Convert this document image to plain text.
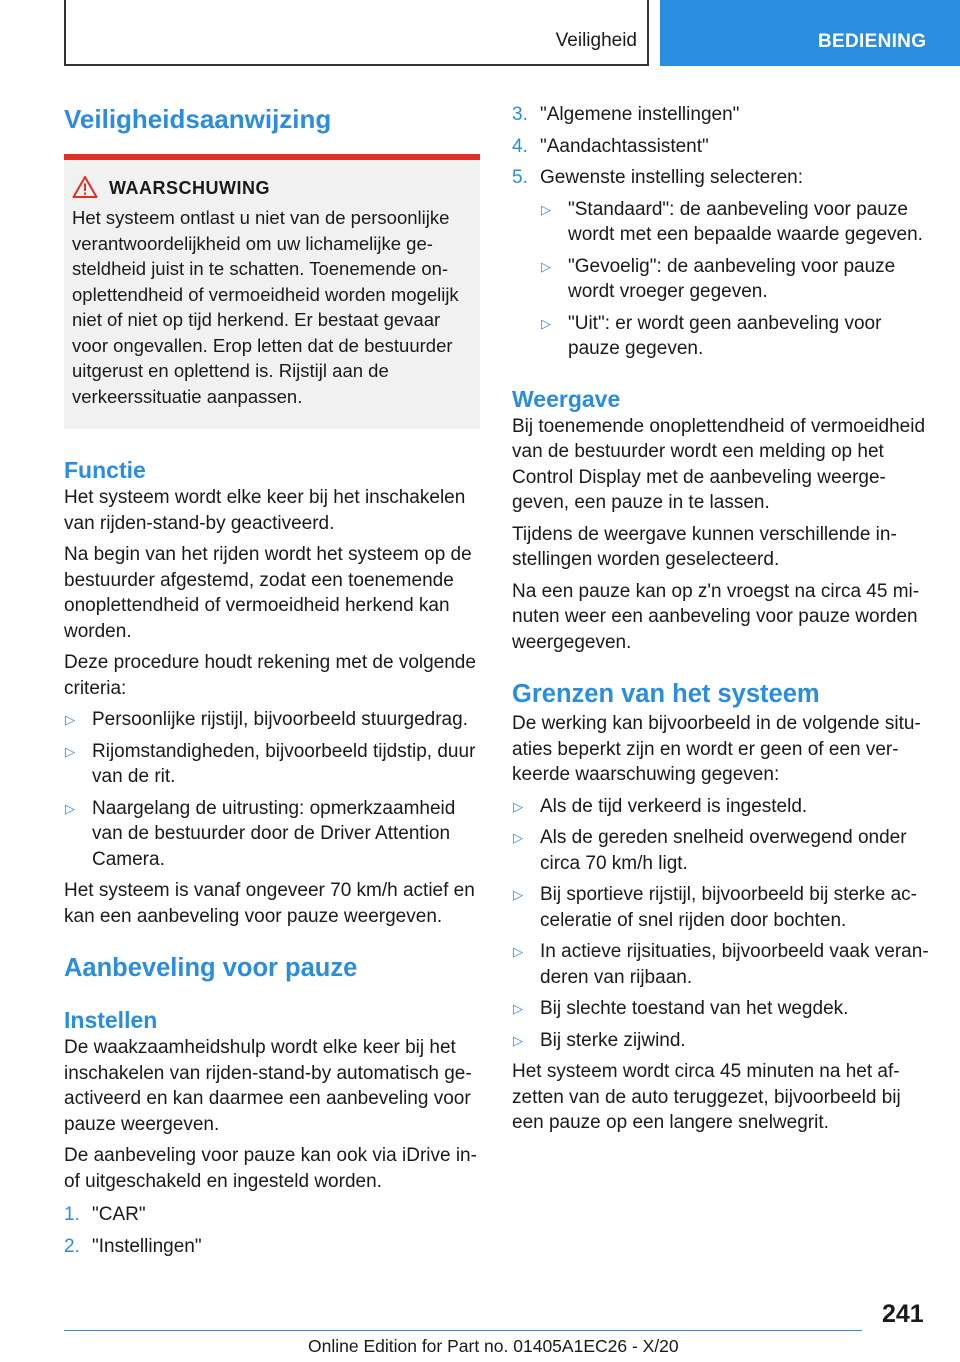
Veiligheid	BEDIENING
Veiligheidsaanwijzing
WAARSCHUWING

Het systeem ontlast u niet van de persoonlijke verantwoordelijkheid om uw lichamelijke gesteldheid juist in te schatten. Toenemende onoplettendheid of vermoeidheid worden mogelijk niet of niet op tijd herkend. Er bestaat gevaar voor ongevallen. Erop letten dat de bestuurder uitgerust en oplettend is. Rijstijl aan de verkeerssituatie aanpassen.

Functie

Het systeem wordt elke keer bij het inschakelen van rijden-stand-by geactiveerd.

Na begin van het rijden wordt het systeem op de bestuurder afgestemd, zodat een toenemende onoplettendheid of vermoeidheid herkend kan worden.

Deze procedure houdt rekening met de volgende criteria:

▷ Persoonlijke rijstijl, bijvoorbeeld stuurgedrag.
▷ Rijomstandigheden, bijvoorbeeld tijdstip, duur van de rit.
▷ Naargelang de uitrusting: opmerkzaamheid van de bestuurder door de Driver Attention Camera.

Het systeem is vanaf ongeveer 70 km/h actief en kan een aanbeveling voor pauze weergeven.

Aanbeveling voor pauze
Instellen

De waakzaamheidshulp wordt elke keer bij het inschakelen van rijden-stand-by automatisch geactiveerd en kan daarmee een aanbeveling voor pauze weergeven.

De aanbeveling voor pauze kan ook via iDrive in- of uitgeschakeld en ingesteld worden.

1. "CAR"
2. "Instellingen"
3. "Algemene instellingen"
4. "Aandachtassistent"
5. Gewenste instelling selecteren:
▷ "Standaard": de aanbeveling voor pauze wordt met een bepaalde waarde gegeven.
▷ "Gevoelig": de aanbeveling voor pauze wordt vroeger gegeven.
▷ "Uit": er wordt geen aanbeveling voor pauze gegeven.
Weergave

Bij toenemende onoplettendheid of vermoeidheid van de bestuurder wordt een melding op het Control Display met de aanbeveling weergegeven, een pauze in te lassen.

Tijdens de weergave kunnen verschillende instellingen worden geselecteerd.

Na een pauze kan op z'n vroegst na circa 45 minuten weer een aanbeveling voor pauze worden weergegeven.

Grenzen van het systeem

De werking kan bijvoorbeeld in de volgende situaties beperkt zijn en wordt er geen of een verkeerde waarschuwing gegeven:

▷ Als de tijd verkeerd is ingesteld.
▷ Als de gereden snelheid overwegend onder circa 70 km/h ligt.
▷ Bij sportieve rijstijl, bijvoorbeeld bij sterke acceleratie of snel rijden door bochten.
▷ In actieve rijsituaties, bijvoorbeeld vaak veranderen van rijbaan.
▷ Bij slechte toestand van het wegdek.
▷ Bij sterke zijwind.

Het systeem wordt circa 45 minuten na het afzetten van de auto teruggezet, bijvoorbeeld bij een pauze op een langere snelwegrit.

241
Online Edition for Part no. 01405A1EC26 - X/20
